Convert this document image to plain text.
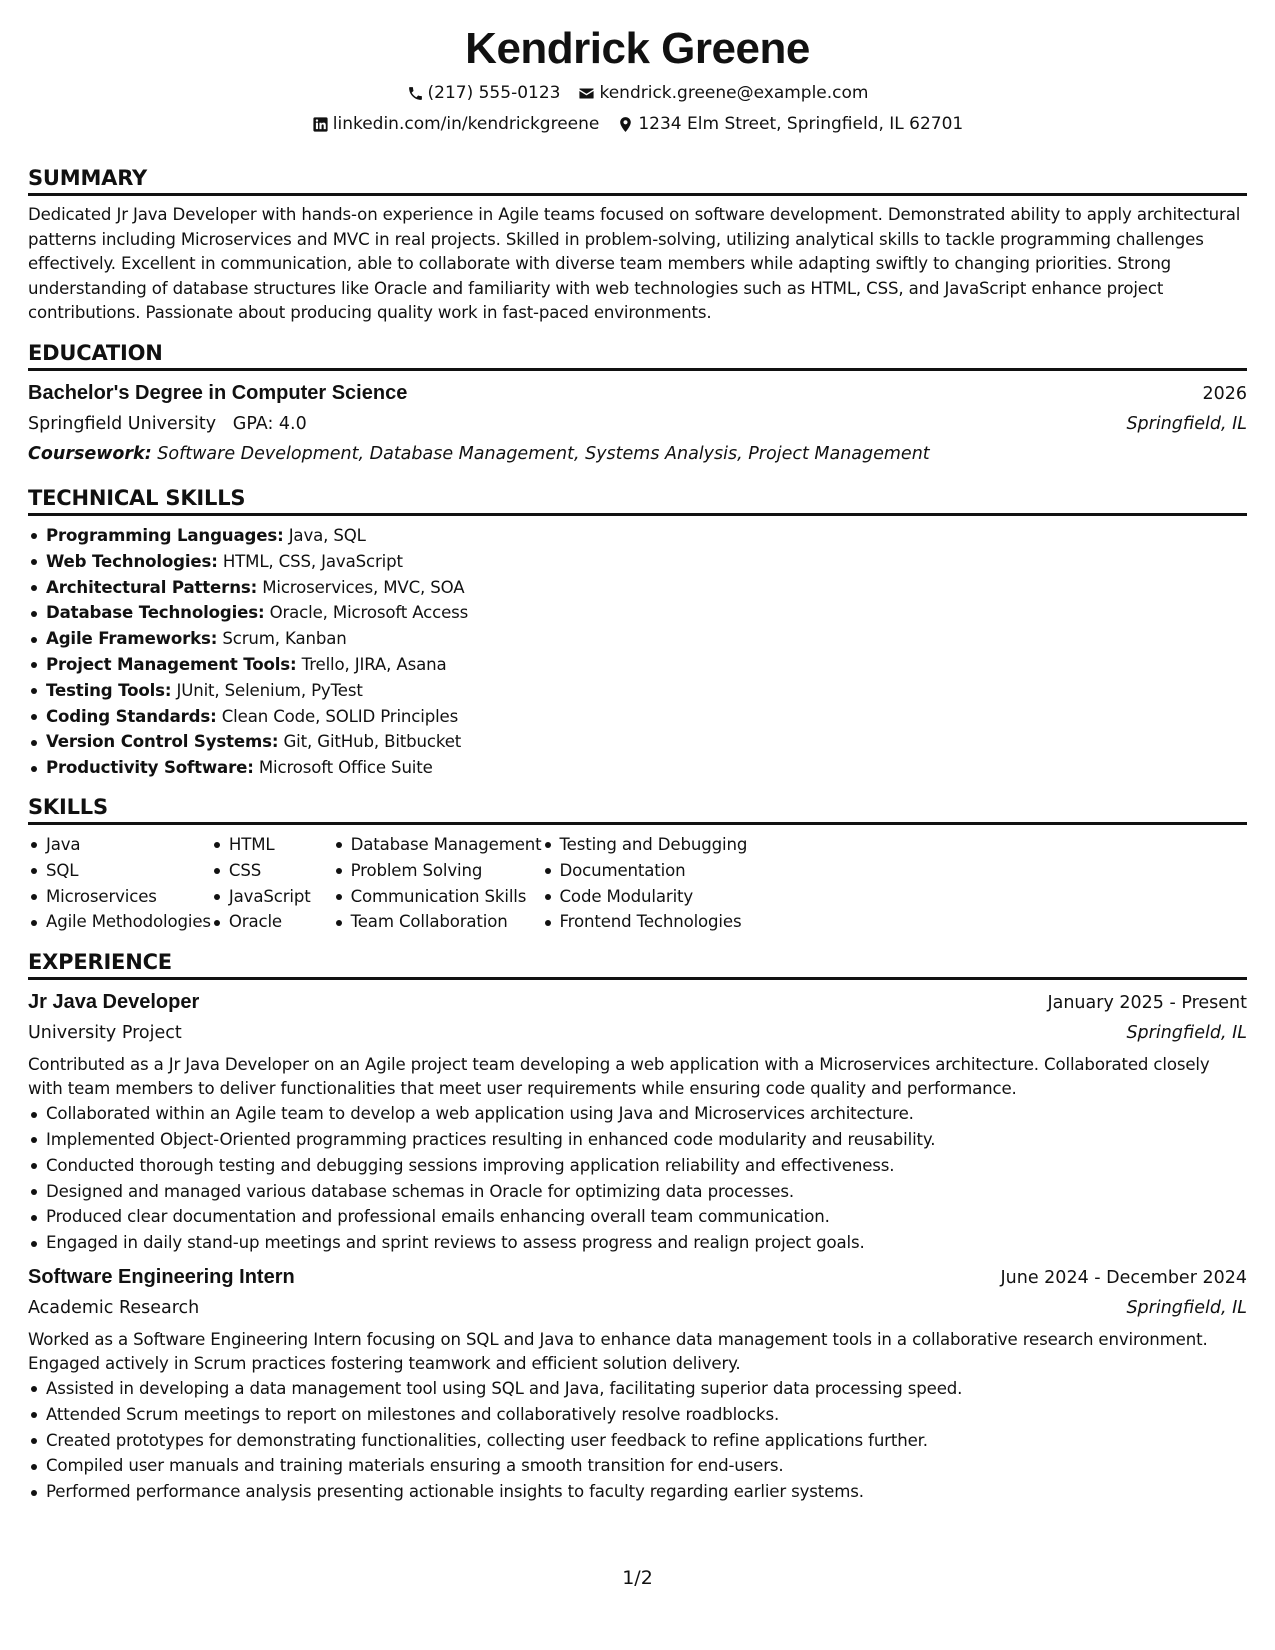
Kendrick Greene
(217) 555-0123 kendrick.greene@example.com
linkedin.com/in/kendrickgreene 1234 Elm Street, Springfield, IL 62701
SUMMARY

Dedicated Jr Java Developer with hands-on experience in Agile teams focused on software development. Demonstrated ability to apply architectural patterns including Microservices and MVC in real projects. Skilled in problem-solving, utilizing analytical skills to tackle programming challenges effectively. Excellent in communication, able to collaborate with diverse team members while adapting swiftly to changing priorities. Strong understanding of database structures like Oracle and familiarity with web technologies such as HTML, CSS, and JavaScript enhance project contributions. Passionate about producing quality work in fast-paced environments.

EDUCATION
Bachelor's Degree in Computer Science	2026
Springfield University GPA: 4.0	Springfield, IL
Coursework: Software Development, Database Management, Systems Analysis, Project Management
TECHNICAL SKILLS
Programming Languages: Java, SQL
Web Technologies: HTML, CSS, JavaScript
Architectural Patterns: Microservices, MVC, SOA
Database Technologies: Oracle, Microsoft Access
Agile Frameworks: Scrum, Kanban
Project Management Tools: Trello, JIRA, Asana
Testing Tools: JUnit, Selenium, PyTest
Coding Standards: Clean Code, SOLID Principles
Version Control Systems: Git, GitHub, Bitbucket
Productivity Software: Microsoft Office Suite
SKILLS
Java
SQL
Microservices
Agile Methodologies
HTML
CSS
JavaScript
Oracle
Database Management
Problem Solving
Communication Skills
Team Collaboration
Testing and Debugging
Documentation
Code Modularity
Frontend Technologies
EXPERIENCE
Jr Java Developer	January 2025 - Present
University Project	Springfield, IL

Contributed as a Jr Java Developer on an Agile project team developing a web application with a Microservices architecture. Collaborated closely with team members to deliver functionalities that meet user requirements while ensuring code quality and performance.

Collaborated within an Agile team to develop a web application using Java and Microservices architecture.
Implemented Object-Oriented programming practices resulting in enhanced code modularity and reusability.
Conducted thorough testing and debugging sessions improving application reliability and effectiveness.
Designed and managed various database schemas in Oracle for optimizing data processes.
Produced clear documentation and professional emails enhancing overall team communication.
Engaged in daily stand-up meetings and sprint reviews to assess progress and realign project goals.
Software Engineering Intern	June 2024 - December 2024
Academic Research	Springfield, IL

Worked as a Software Engineering Intern focusing on SQL and Java to enhance data management tools in a collaborative research environment. Engaged actively in Scrum practices fostering teamwork and efficient solution delivery.

Assisted in developing a data management tool using SQL and Java, facilitating superior data processing speed.
Attended Scrum meetings to report on milestones and collaboratively resolve roadblocks.
Created prototypes for demonstrating functionalities, collecting user feedback to refine applications further.
Compiled user manuals and training materials ensuring a smooth transition for end-users.
Performed performance analysis presenting actionable insights to faculty regarding earlier systems.
1/2
